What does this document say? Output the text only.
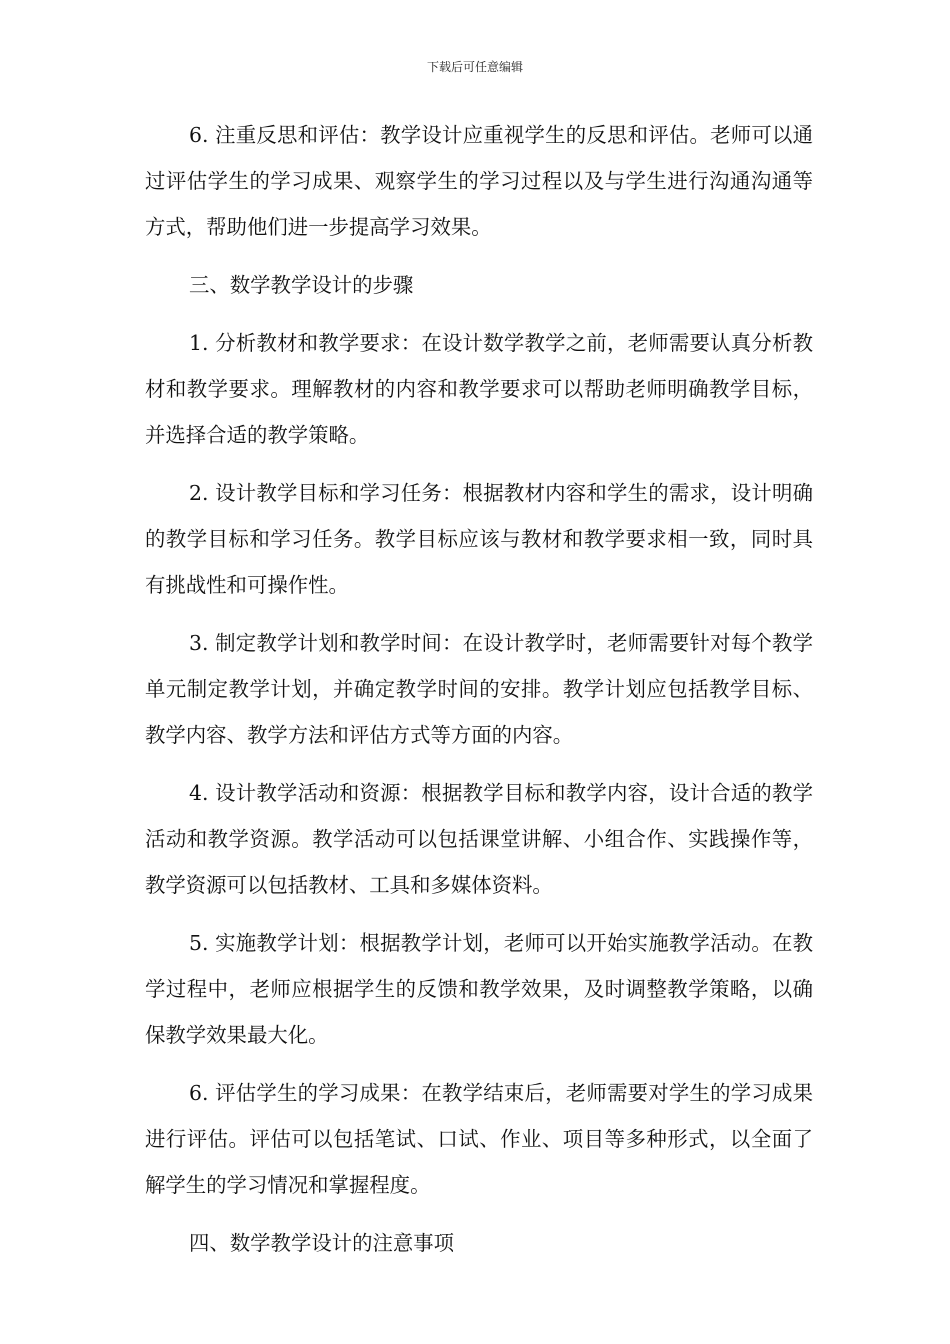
下载后可任意编辑

6. 注重反思和评估：教学设计应重视学生的反思和评估。老师可以通过评估学生的学习成果、观察学生的学习过程以及与学生进行沟通沟通等方式，帮助他们进一步提高学习效果。

三、数学教学设计的步骤

1. 分析教材和教学要求：在设计数学教学之前，老师需要认真分析教材和教学要求。理解教材的内容和教学要求可以帮助老师明确教学目标，并选择合适的教学策略。

2. 设计教学目标和学习任务：根据教材内容和学生的需求，设计明确的教学目标和学习任务。教学目标应该与教材和教学要求相一致，同时具有挑战性和可操作性。

3. 制定教学计划和教学时间：在设计教学时，老师需要针对每个教学单元制定教学计划，并确定教学时间的安排。教学计划应包括教学目标、教学内容、教学方法和评估方式等方面的内容。

4. 设计教学活动和资源：根据教学目标和教学内容，设计合适的教学活动和教学资源。教学活动可以包括课堂讲解、小组合作、实践操作等，教学资源可以包括教材、工具和多媒体资料。

5. 实施教学计划：根据教学计划，老师可以开始实施教学活动。在教学过程中，老师应根据学生的反馈和教学效果，及时调整教学策略，以确保教学效果最大化。

6. 评估学生的学习成果：在教学结束后，老师需要对学生的学习成果进行评估。评估可以包括笔试、口试、作业、项目等多种形式，以全面了解学生的学习情况和掌握程度。

四、数学教学设计的注意事项
